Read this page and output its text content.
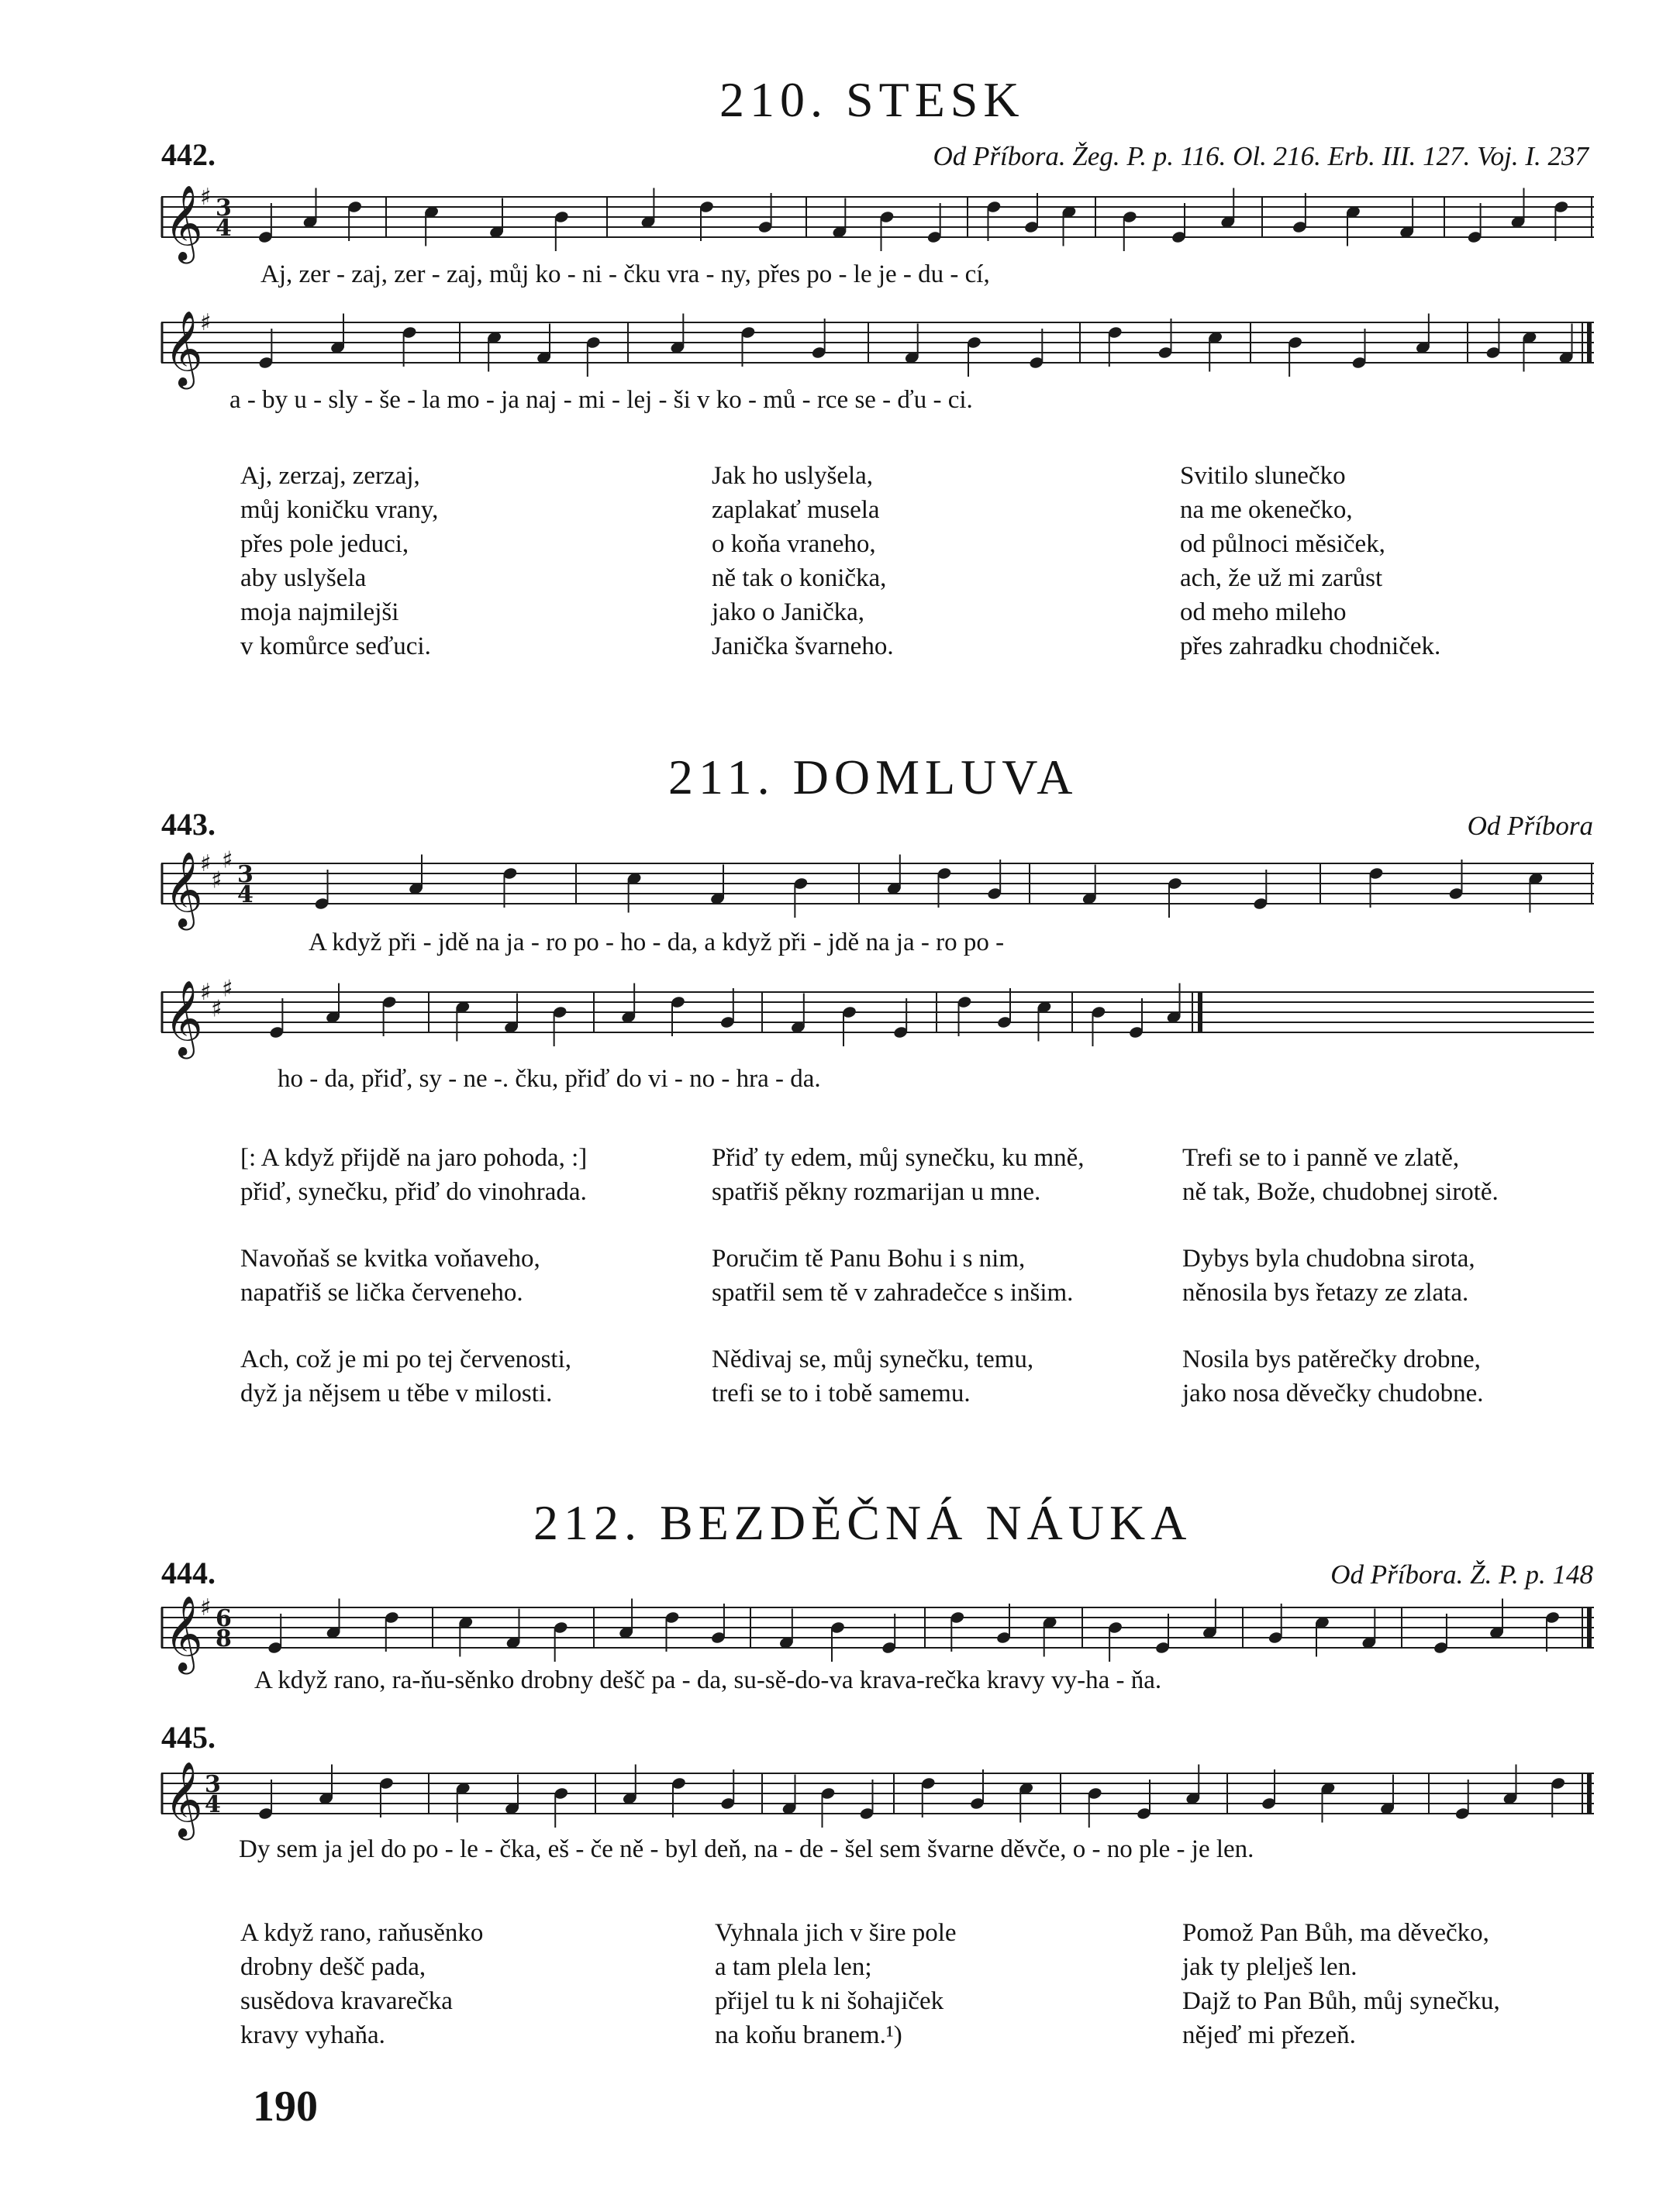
210. STESK
442.	Od Příbora. Žeg. P. p. 116. Ol. 216. Erb. III. 127. Voj. I. 237
𝄞
♯ 3
4
Aj, zer - zaj, zer - zaj, můj ko - ni - čku vra - ny, přes po - le je - du - cí,
𝄞
♯
a - by u - sly - še - la mo - ja naj - mi - lej - ši v ko - mů - rce se - ďu - ci.
Aj, zerzaj, zerzaj,
můj koničku vrany,
přes pole jeduci,
aby uslyšela
moja najmilejši
v komůrce seďuci.
Jak ho uslyšela,
zaplakať musela
o koňa vraneho,
ně tak o konička,
jako o Janička,
Janička švarneho.
Svitilo slunečko
na me okenečko,
od půlnoci měsiček,
ach, že už mi zarůst
od meho mileho
přes zahradku chodniček.
211. DOMLUVA
443.	Od Příbora
𝄞
♯
♯
♯
3
4
A když při - jdě na ja - ro po - ho - da, a když při - jdě na ja - ro po -
𝄞
♯
♯
♯
ho - da, přiď, sy - ne -. čku, přiď do vi - no - hra - da.
[: A když přijdě na jaro pohoda, :]
přiď, synečku, přiď do vinohrada.
Navoňaš se kvitka voňaveho,
napatřiš se lička červeneho.
Ach, což je mi po tej červenosti,
dyž ja nějsem u těbe v milosti.
Přiď ty edem, můj synečku, ku mně,
spatřiš pěkny rozmarijan u mne.
Poručim tě Panu Bohu i s nim,
spatřil sem tě v zahradečce s inšim.
Nědivaj se, můj synečku, temu,
trefi se to i tobě samemu.
Trefi se to i panně ve zlatě,
ně tak, Bože, chudobnej sirotě.
Dybys byla chudobna sirota,
něnosila bys řetazy ze zlata.
Nosila bys patěrečky drobne,
jako nosa děvečky chudobne.
212. BEZDĚČNÁ NÁUKA
444.	Od Příbora. Ž. P. p. 148
𝄞
♯ 6
8
A když rano, ra-ňu-sěnko drobny dešč pa - da, su-sě-do-va krava-rečka kravy vy-ha - ňa.
445.
𝄞 3
4
Dy sem ja jel do po - le - čka, eš - če ně - byl deň, na - de - šel sem švarne děvče, o - no ple - je len.
A když rano, raňusěnko
drobny dešč pada,
susědova kravarečka
kravy vyhaňa.
Vyhnala jich v šire pole
a tam plela len;
přijel tu k ni šohajiček
na koňu branem.¹)
Pomož Pan Bůh, ma děvečko,
jak ty plelješ len.
Dajž to Pan Bůh, můj synečku,
nějeď mi přezeň.
190
